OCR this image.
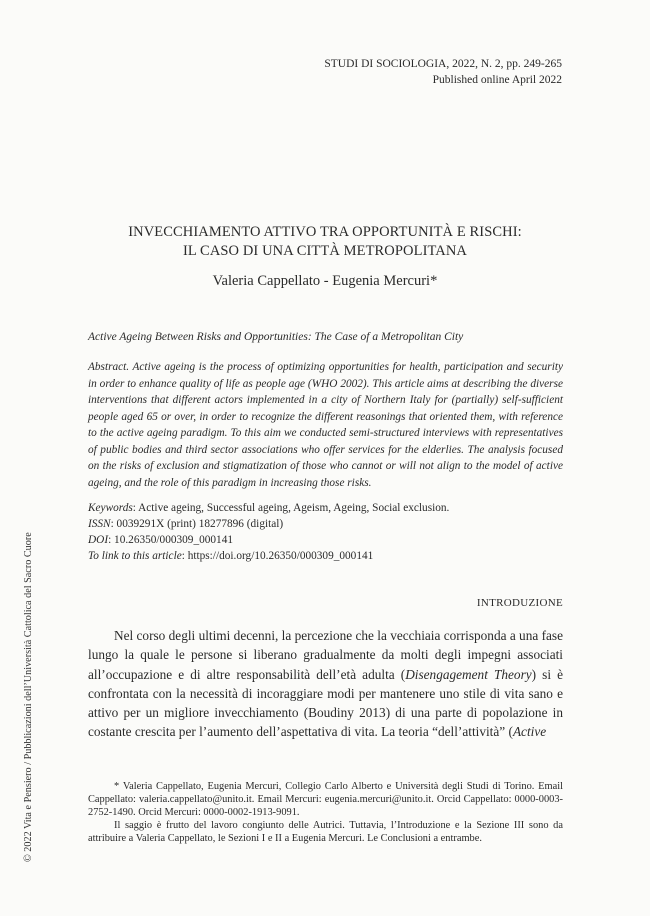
STUDI DI SOCIOLOGIA, 2022, N. 2, pp. 249-265
Published online April 2022
INVECCHIAMENTO ATTIVO TRA OPPORTUNITÀ E RISCHI:
IL CASO DI UNA CITTÀ METROPOLITANA
Valeria Cappellato - Eugenia Mercuri*
Active Ageing Between Risks and Opportunities: The Case of a Metropolitan City
Abstract. Active ageing is the process of optimizing opportunities for health, participation and security in order to enhance quality of life as people age (WHO 2002). This article aims at describing the diverse interventions that different actors implemented in a city of Northern Italy for (partially) self-sufficient people aged 65 or over, in order to recognize the different reasonings that oriented them, with reference to the active ageing paradigm. To this aim we conducted semi-structured interviews with representatives of public bodies and third sector associations who offer services for the elderlies. The analysis focused on the risks of exclusion and stigmatization of those who cannot or will not align to the model of active ageing, and the role of this paradigm in increasing those risks.
Keywords: Active ageing, Successful ageing, Ageism, Ageing, Social exclusion.
ISSN: 0039291X (print) 18277896 (digital)
DOI: 10.26350/000309_000141
To link to this article: https://doi.org/10.26350/000309_000141
INTRODUZIONE

Nel corso degli ultimi decenni, la percezione che la vecchiaia corrisponda a una fase lungo la quale le persone si liberano gradualmente da molti degli impegni associati all’occupazione e di altre responsabilità dell’età adulta (Disengagement Theory) si è confrontata con la necessità di incoraggiare modi per mantenere uno stile di vita sano e attivo per un migliore invecchiamento (Boudiny 2013) di una parte di popolazione in costante crescita per l’aumento dell’aspettativa di vita. La teoria “dell’attività” (Active

* Valeria Cappellato, Eugenia Mercuri, Collegio Carlo Alberto e Università degli Studi di Torino. Email Cappellato: valeria.cappellato@unito.it. Email Mercuri: eugenia.mercuri@unito.it. Orcid Cappellato: 0000-0003-2752-1490. Orcid Mercuri: 0000-0002-1913-9091.

Il saggio è frutto del lavoro congiunto delle Autrici. Tuttavia, l’Introduzione e la Sezione III sono da attribuire a Valeria Cappellato, le Sezioni I e II a Eugenia Mercuri. Le Conclusioni a entrambe.

© 2022 Vita e Pensiero / Pubblicazioni dell’Università Cattolica del Sacro Cuore
